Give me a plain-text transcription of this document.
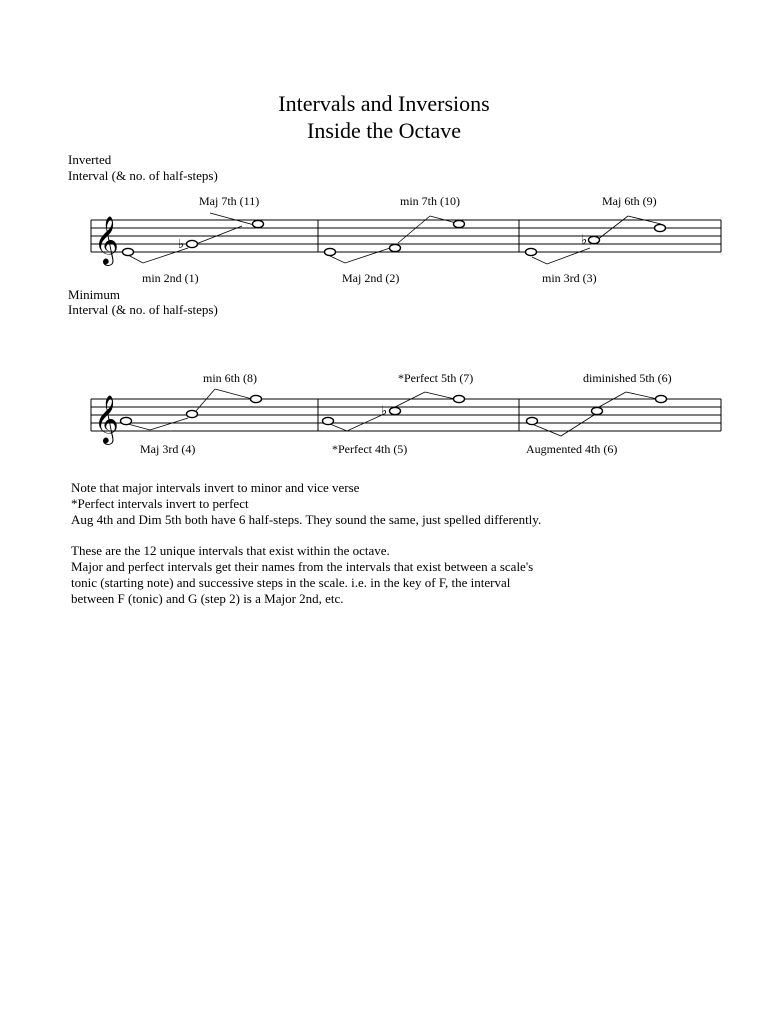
Intervals and Inversions
Inside the Octave
Inverted
Interval (& no. of half-steps)
Maj 7th (11)	min 7th (10)	Maj 6th (9)
min 2nd (1)	Maj 2nd (2)	min 3rd (3)
𝄞	♭	♭
Minimum
Interval (& no. of half-steps)
min 6th (8)	*Perfect 5th (7)	diminished 5th (6)
Maj 3rd (4)	*Perfect 4th (5)	Augmented 4th (6)
𝄞	♭

Note that major intervals invert to minor and vice verse

*Perfect intervals invert to perfect

Aug 4th and Dim 5th both have 6 half-steps. They sound the same, just spelled differently.

These are the 12 unique intervals that exist within the octave.

Major and perfect intervals get their names from the intervals that exist between a scale's

tonic (starting note) and successive steps in the scale. i.e. in the key of F, the interval

between F (tonic) and G (step 2) is a Major 2nd, etc.
